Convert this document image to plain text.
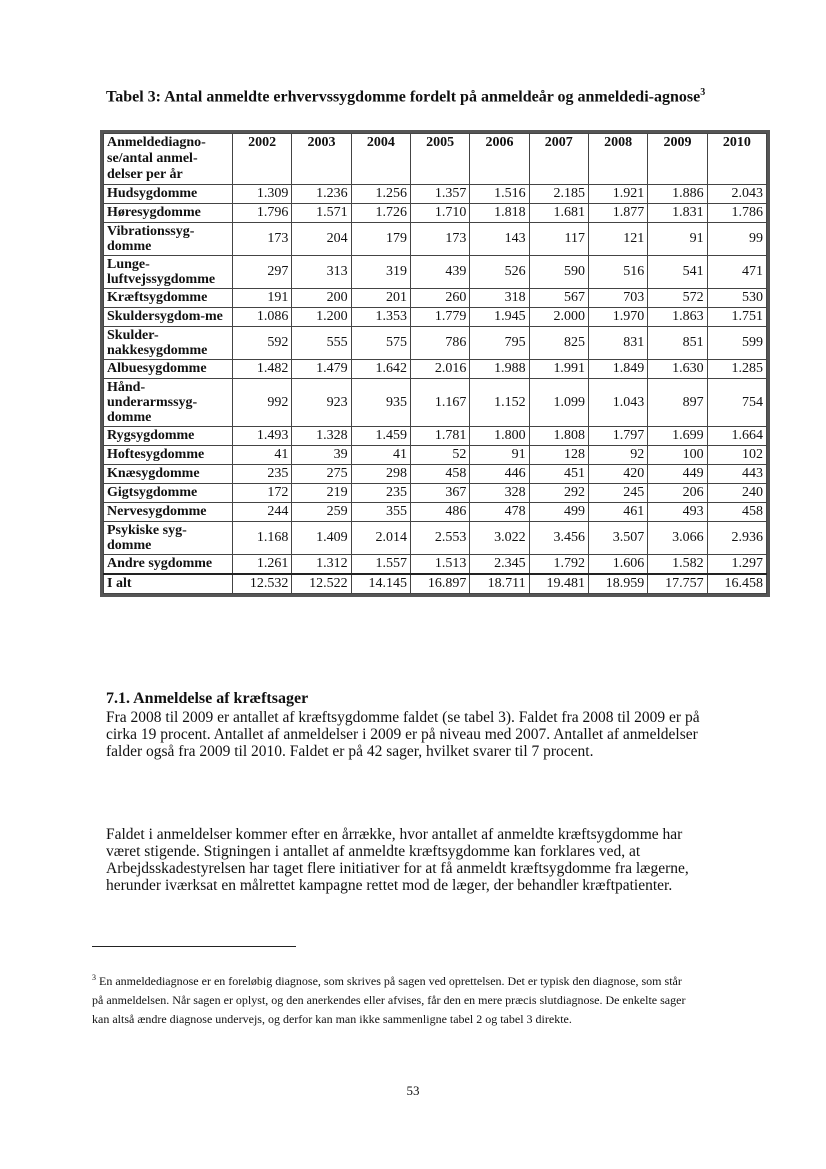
Tabel 3: Antal anmeldte erhvervssygdomme fordelt på anmeldeår og anmeldedi-agnose$^3$
Anmeldediagno-se/antal anmel-delser per år	2002	2003	2004	2005	2006	2007	2008	2009	2010
Hudsygdomme	1.309	1.236	1.256	1.357	1.516	2.185	1.921	1.886	2.043
Høresygdomme	1.796	1.571	1.726	1.710	1.818	1.681	1.877	1.831	1.786
Vibrationssyg-domme	173	204	179	173	143	117	121	91	99
Lunge-luftvejssygdomme	297	313	319	439	526	590	516	541	471
Kræftsygdomme	191	200	201	260	318	567	703	572	530
Skuldersygdom-me	1.086	1.200	1.353	1.779	1.945	2.000	1.970	1.863	1.751
Skulder-nakkesygdomme	592	555	575	786	795	825	831	851	599
Albuesygdomme	1.482	1.479	1.642	2.016	1.988	1.991	1.849	1.630	1.285
Hånd-underarmssyg-domme	992	923	935	1.167	1.152	1.099	1.043	897	754
Rygsygdomme	1.493	1.328	1.459	1.781	1.800	1.808	1.797	1.699	1.664
Hoftesygdomme	41	39	41	52	91	128	92	100	102
Knæsygdomme	235	275	298	458	446	451	420	449	443
Gigtsygdomme	172	219	235	367	328	292	245	206	240
Nervesygdomme	244	259	355	486	478	499	461	493	458
Psykiske syg-domme	1.168	1.409	2.014	2.553	3.022	3.456	3.507	3.066	2.936
Andre sygdomme	1.261	1.312	1.557	1.513	2.345	1.792	1.606	1.582	1.297
I alt	12.532	12.522	14.145	16.897	18.711	19.481	18.959	17.757	16.458
7.1. Anmeldelse af kræftsager

Fra 2008 til 2009 er antallet af kræftsygdomme faldet (se tabel 3). Faldet fra 2008 til 2009 er på cirka 19 procent. Antallet af anmeldelser i 2009 er på niveau med 2007. Antallet af anmeldelser falder også fra 2009 til 2010. Faldet er på 42 sager, hvilket svarer til 7 procent.

Faldet i anmeldelser kommer efter en årrække, hvor antallet af anmeldte kræftsygdomme har været stigende. Stigningen i antallet af anmeldte kræftsygdomme kan forklares ved, at Arbejdsskadestyrelsen har taget flere initiativer for at få anmeldt kræftsygdomme fra lægerne, herunder iværksat en målrettet kampagne rettet mod de læger, der behandler kræftpatienter.

$^3$ En anmeldediagnose er en foreløbig diagnose, som skrives på sagen ved oprettelsen. Det er typisk den diagnose, som står på anmeldelsen. Når sagen er oplyst, og den anerkendes eller afvises, får den en mere præcis slutdiagnose. De enkelte sager kan altså ændre diagnose undervejs, og derfor kan man ikke sammenligne tabel 2 og tabel 3 direkte.

53
